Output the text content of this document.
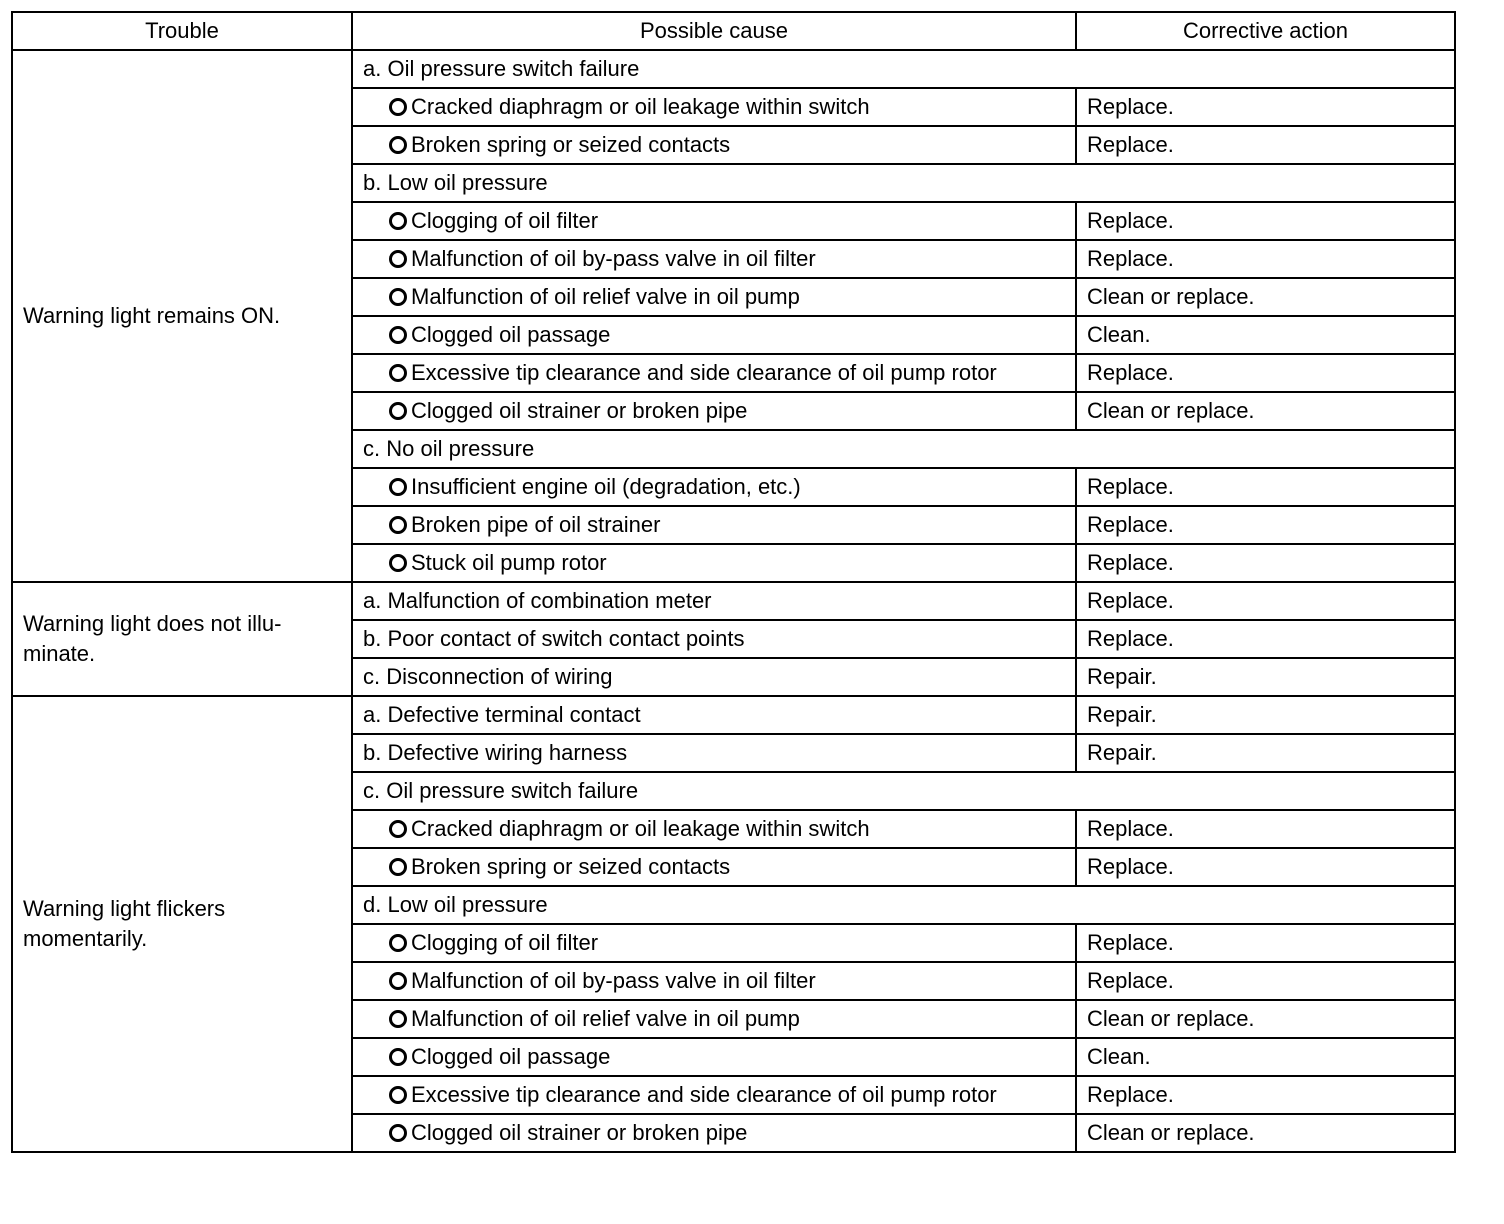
Trouble	Possible cause	Corrective action
Warning light remains ON.	a. Oil pressure switch failure	
	Cracked diaphragm or oil leakage within switch	Replace.
	Broken spring or seized contacts	Replace.
	b. Low oil pressure	
	Clogging of oil filter	Replace.
	Malfunction of oil by-pass valve in oil filter	Replace.
	Malfunction of oil relief valve in oil pump	Clean or replace.
	Clogged oil passage	Clean.
	Excessive tip clearance and side clearance of oil pump rotor	Replace.
	Clogged oil strainer or broken pipe	Clean or replace.
	c. No oil pressure	
	Insufficient engine oil (degradation, etc.)	Replace.
	Broken pipe of oil strainer	Replace.
	Stuck oil pump rotor	Replace.
Warning light does not illu-
minate.	a. Malfunction of combination meter	Replace.
	b. Poor contact of switch contact points	Replace.
	c. Disconnection of wiring	Repair.
Warning light flickers
momentarily.	a. Defective terminal contact	Repair.
	b. Defective wiring harness	Repair.
	c. Oil pressure switch failure	
	Cracked diaphragm or oil leakage within switch	Replace.
	Broken spring or seized contacts	Replace.
	d. Low oil pressure	
	Clogging of oil filter	Replace.
	Malfunction of oil by-pass valve in oil filter	Replace.
	Malfunction of oil relief valve in oil pump	Clean or replace.
	Clogged oil passage	Clean.
	Excessive tip clearance and side clearance of oil pump rotor	Replace.
	Clogged oil strainer or broken pipe	Clean or replace.
